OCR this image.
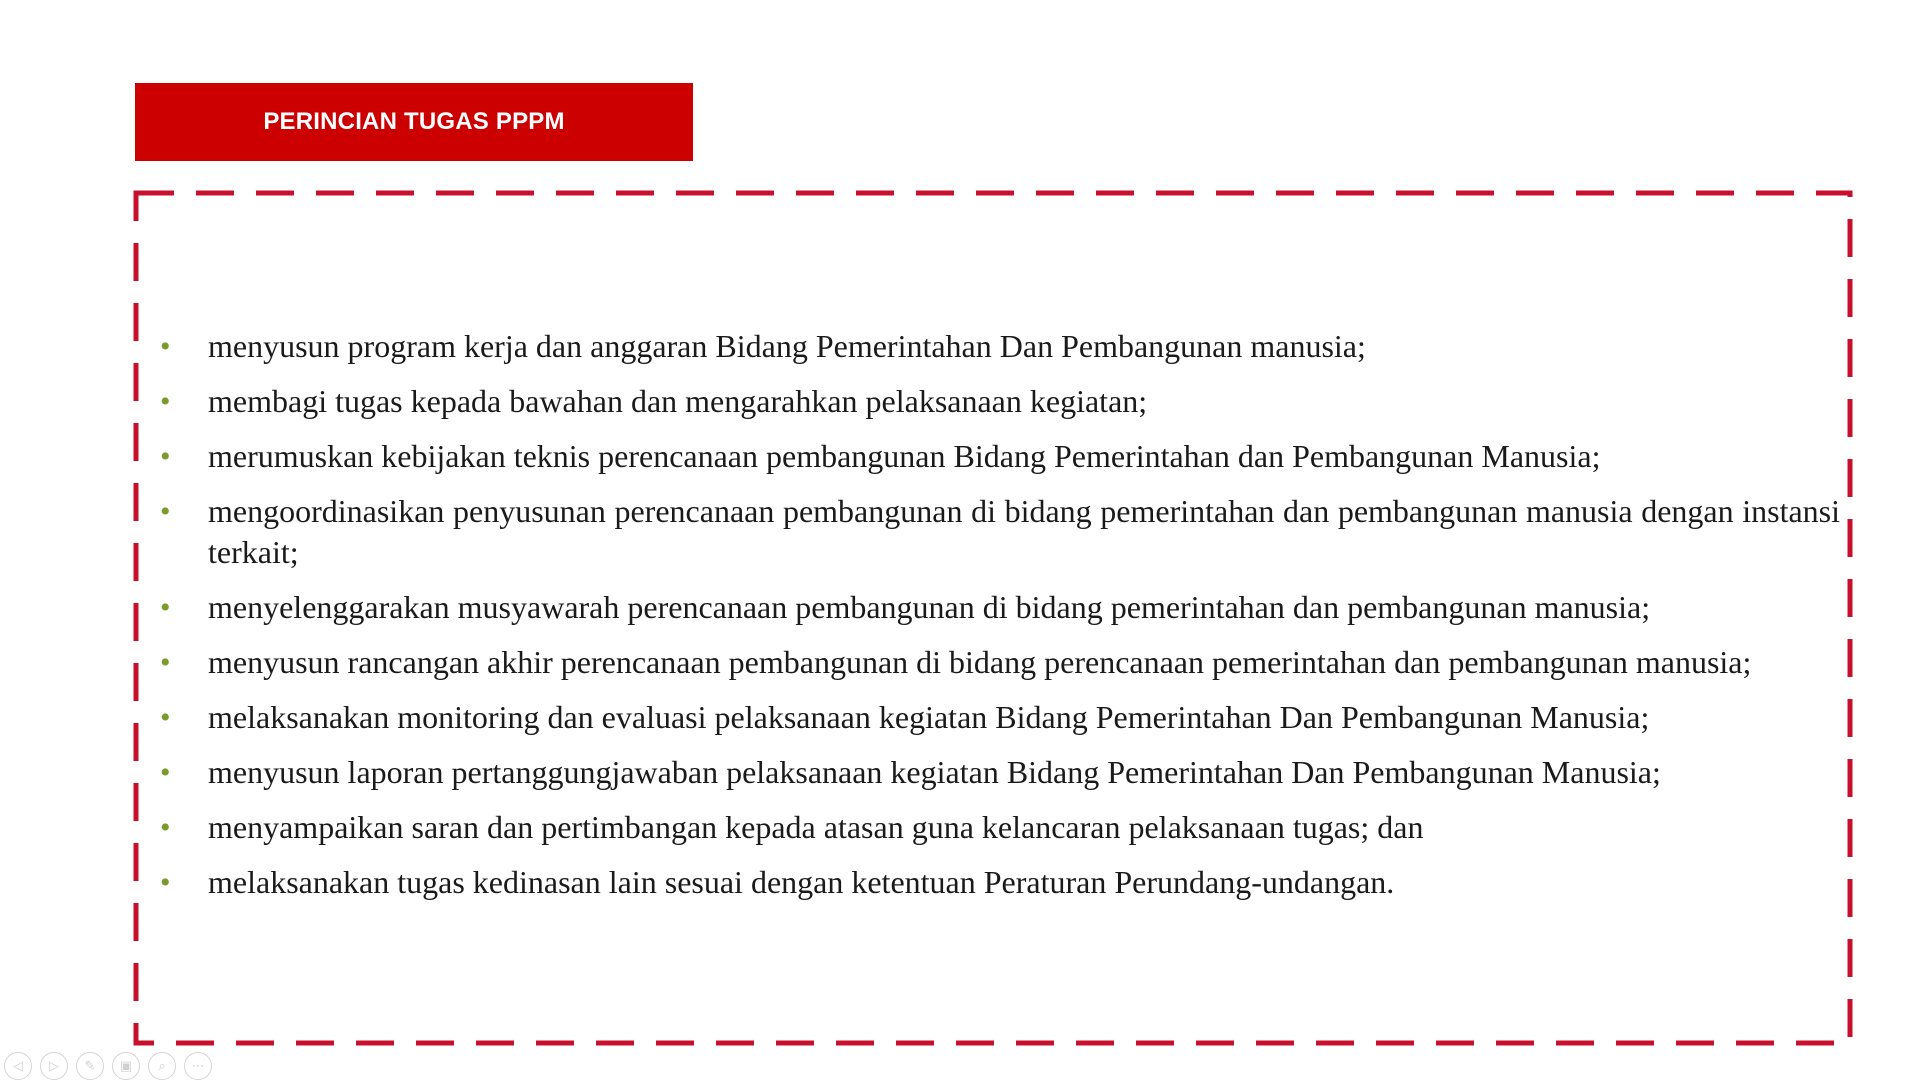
PERINCIAN TUGAS PPPM
• menyusun program kerja dan anggaran Bidang Pemerintahan Dan Pembangunan manusia;
• membagi tugas kepada bawahan dan mengarahkan pelaksanaan kegiatan;
• merumuskan kebijakan teknis perencanaan pembangunan Bidang Pemerintahan dan Pembangunan Manusia;
• mengoordinasikan penyusunan perencanaan pembangunan di bidang pemerintahan dan pembangunan manusia dengan instansi terkait;
• menyelenggarakan musyawarah perencanaan pembangunan di bidang pemerintahan dan pembangunan manusia;
• menyusun rancangan akhir perencanaan pembangunan di bidang perencanaan pemerintahan dan pembangunan manusia;
• melaksanakan monitoring dan evaluasi pelaksanaan kegiatan Bidang Pemerintahan Dan Pembangunan Manusia;
• menyusun laporan pertanggungjawaban pelaksanaan kegiatan Bidang Pemerintahan Dan Pembangunan Manusia;
• menyampaikan saran dan pertimbangan kepada atasan guna kelancaran pelaksanaan tugas; dan
• melaksanakan tugas kedinasan lain sesuai dengan ketentuan Peraturan Perundang-undangan.
◁	▷	✎	▣	⌕	⋯
